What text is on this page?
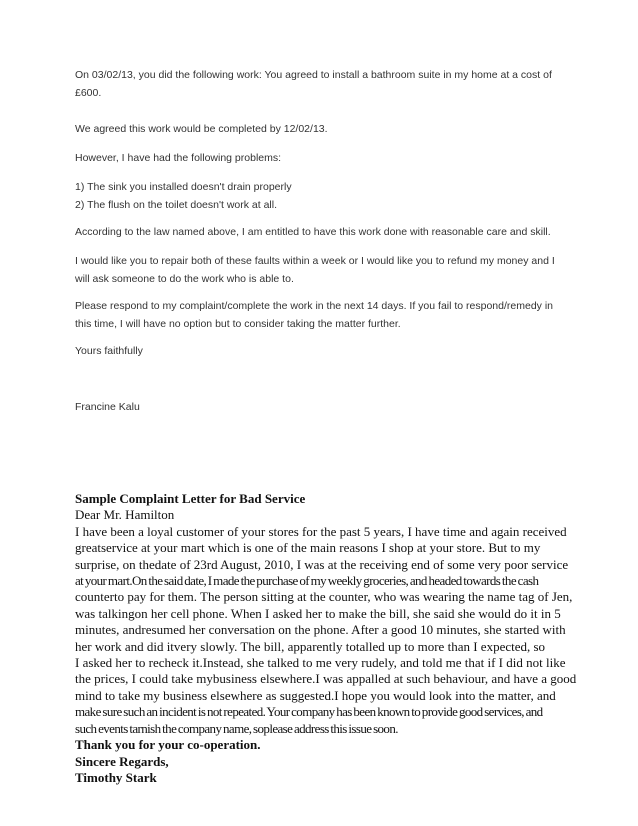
On 03/02/13, you did the following work: You agreed to install a bathroom suite in my home at a cost of
£600.

We agreed this work would be completed by 12/02/13.

However, I have had the following problems:

1) The sink you installed doesn't drain properly
2) The flush on the toilet doesn't work at all.

According to the law named above, I am entitled to have this work done with reasonable care and skill.

I would like you to repair both of these faults within a week or I would like you to refund my money and I
will ask someone to do the work who is able to.

Please respond to my complaint/complete the work in the next 14 days. If you fail to respond/remedy in
this time, I will have no option but to consider taking the matter further.

Yours faithfully

Francine Kalu

Sample Complaint Letter for Bad Service
Dear Mr. Hamilton
I have been a loyal customer of your stores for the past 5 years, I have time and again received
greatservice at your mart which is one of the main reasons I shop at your store. But to my
surprise, on thedate of 23rd August, 2010, I was at the receiving end of some very poor service
at your mart.On the said date, I made the purchase of my weekly groceries, and headed towards the cash
counterto pay for them. The person sitting at the counter, who was wearing the name tag of Jen,
was talkingon her cell phone. When I asked her to make the bill, she said she would do it in 5
minutes, andresumed her conversation on the phone. After a good 10 minutes, she started with
her work and did itvery slowly. The bill, apparently totalled up to more than I expected, so
I asked her to recheck it.Instead, she talked to me very rudely, and told me that if I did not like
the prices, I could take mybusiness elsewhere.I was appalled at such behaviour, and have a good
mind to take my business elsewhere as suggested.I hope you would look into the matter, and
make sure such an incident is not repeated. Your company has been known to provide good services, and
such events tarnish the company name, soplease address this issue soon.
Thank you for your co-operation.
Sincere Regards,
Timothy Stark
